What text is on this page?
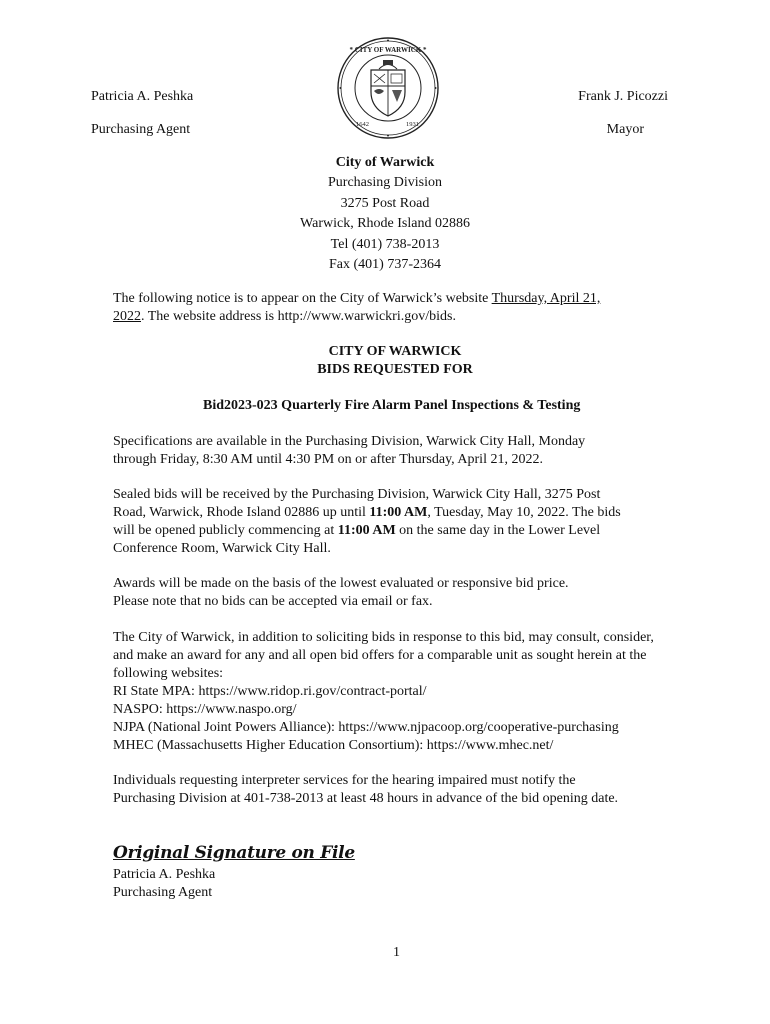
Patricia A. Peshka
Purchasing Agent
Frank J. Picozzi
Mayor
* CITY OF WARWICK *
1642	1931
City of Warwick
Purchasing Division
3275 Post Road
Warwick, Rhode Island 02886
Tel (401) 738-2013
Fax (401) 737-2364
The following notice is to appear on the City of Warwick’s website Thursday, April 21,
2022. The website address is http://www.warwickri.gov/bids.
CITY OF WARWICK
BIDS REQUESTED FOR
Bid2023-023 Quarterly Fire Alarm Panel Inspections & Testing
Specifications are available in the Purchasing Division, Warwick City Hall, Monday
through Friday, 8:30 AM until 4:30 PM on or after Thursday, April 21, 2022.
Sealed bids will be received by the Purchasing Division, Warwick City Hall, 3275 Post
Road, Warwick, Rhode Island 02886 up until 11:00 AM, Tuesday, May 10, 2022. The bids
will be opened publicly commencing at 11:00 AM on the same day in the Lower Level
Conference Room, Warwick City Hall.
Awards will be made on the basis of the lowest evaluated or responsive bid price.
Please note that no bids can be accepted via email or fax.
The City of Warwick, in addition to soliciting bids in response to this bid, may consult, consider,
and make an award for any and all open bid offers for a comparable unit as sought herein at the
following websites:
RI State MPA: https://www.ridop.ri.gov/contract-portal/
NASPO: https://www.naspo.org/
NJPA (National Joint Powers Alliance): https://www.njpacoop.org/cooperative-purchasing
MHEC (Massachusetts Higher Education Consortium): https://www.mhec.net/
Individuals requesting interpreter services for the hearing impaired must notify the
Purchasing Division at 401-738-2013 at least 48 hours in advance of the bid opening date.
Original Signature on File
Patricia A. Peshka
Purchasing Agent
1
